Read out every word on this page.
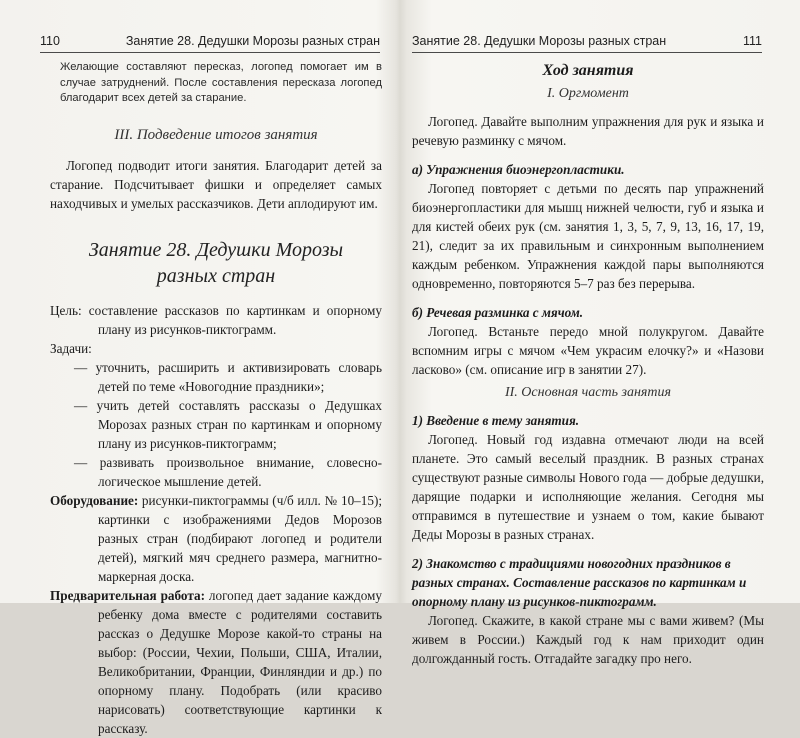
110	Занятие 28. Дедушки Морозы разных стран

Желающие составляют пересказ, логопед помогает им в случае затруднений. После составления пересказа логопед благодарит всех детей за старание.

III. Подведение итогов занятия

Логопед подводит итоги занятия. Благодарит детей за старание. Подсчитывает фишки и определяет самых находчивых и умелых рассказчиков. Дети аплодируют им.

Занятие 28. Дедушки Морозы
разных стран

Цель: составление рассказов по картинкам и опорному плану из рисунков-пиктограмм.

Задачи:

— уточнить, расширить и активизировать словарь детей по теме «Новогодние праздники»;

— учить детей составлять рассказы о Дедушках Морозах разных стран по картинкам и опорному плану из рисунков-пиктограмм;

— развивать произвольное внимание, словесно-логическое мышление детей.

Оборудование: рисунки-пиктограммы (ч/б илл. № 10–15); картинки с изображениями Дедов Морозов разных стран (подбирают логопед и родители детей), мягкий мяч среднего размера, магнитно-маркерная доска.

Предварительная работа: логопед дает задание каждому ребенку дома вместе с родителями составить рассказ о Дедушке Морозе какой-то страны на выбор: (России, Чехии, Польши, США, Италии, Великобритании, Франции, Финляндии и др.) по опорному плану. Подобрать (или красиво нарисовать) соответствующие картинки к рассказу.

Занятие 28. Дедушки Морозы разных стран	111

Ход занятия

I. Оргмомент

Логопед. Давайте выполним упражнения для рук и языка и речевую разминку с мячом.

а) Упражнения биоэнергопластики.

Логопед повторяет с детьми по десять пар упражнений биоэнергопластики для мышц нижней челюсти, губ и языка и для кистей обеих рук (см. занятия 1, 3, 5, 7, 9, 13, 16, 17, 19, 21), следит за их правильным и синхронным выполнением каждым ребенком. Упражнения каждой пары выполняются одновременно, повторяются 5–7 раз без перерыва.

б) Речевая разминка с мячом.

Логопед. Встаньте передо мной полукругом. Давайте вспомним игры с мячом «Чем украсим елочку?» и «Назови ласково» (см. описание игр в занятии 27).

II. Основная часть занятия

1) Введение в тему занятия.

Логопед. Новый год издавна отмечают люди на всей планете. Это самый веселый праздник. В разных странах существуют разные символы Нового года — добрые дедушки, дарящие подарки и исполняющие желания. Сегодня мы отправимся в путешествие и узнаем о том, какие бывают Деды Морозы в разных странах.

2) Знакомство с традициями новогодних праздников в разных странах. Составление рассказов по картинкам и опорному плану из рисунков-пиктограмм.

Логопед. Скажите, в какой стране мы с вами живем? (Мы живем в России.) Каждый год к нам приходит один долгожданный гость. Отгадайте загадку про него.
